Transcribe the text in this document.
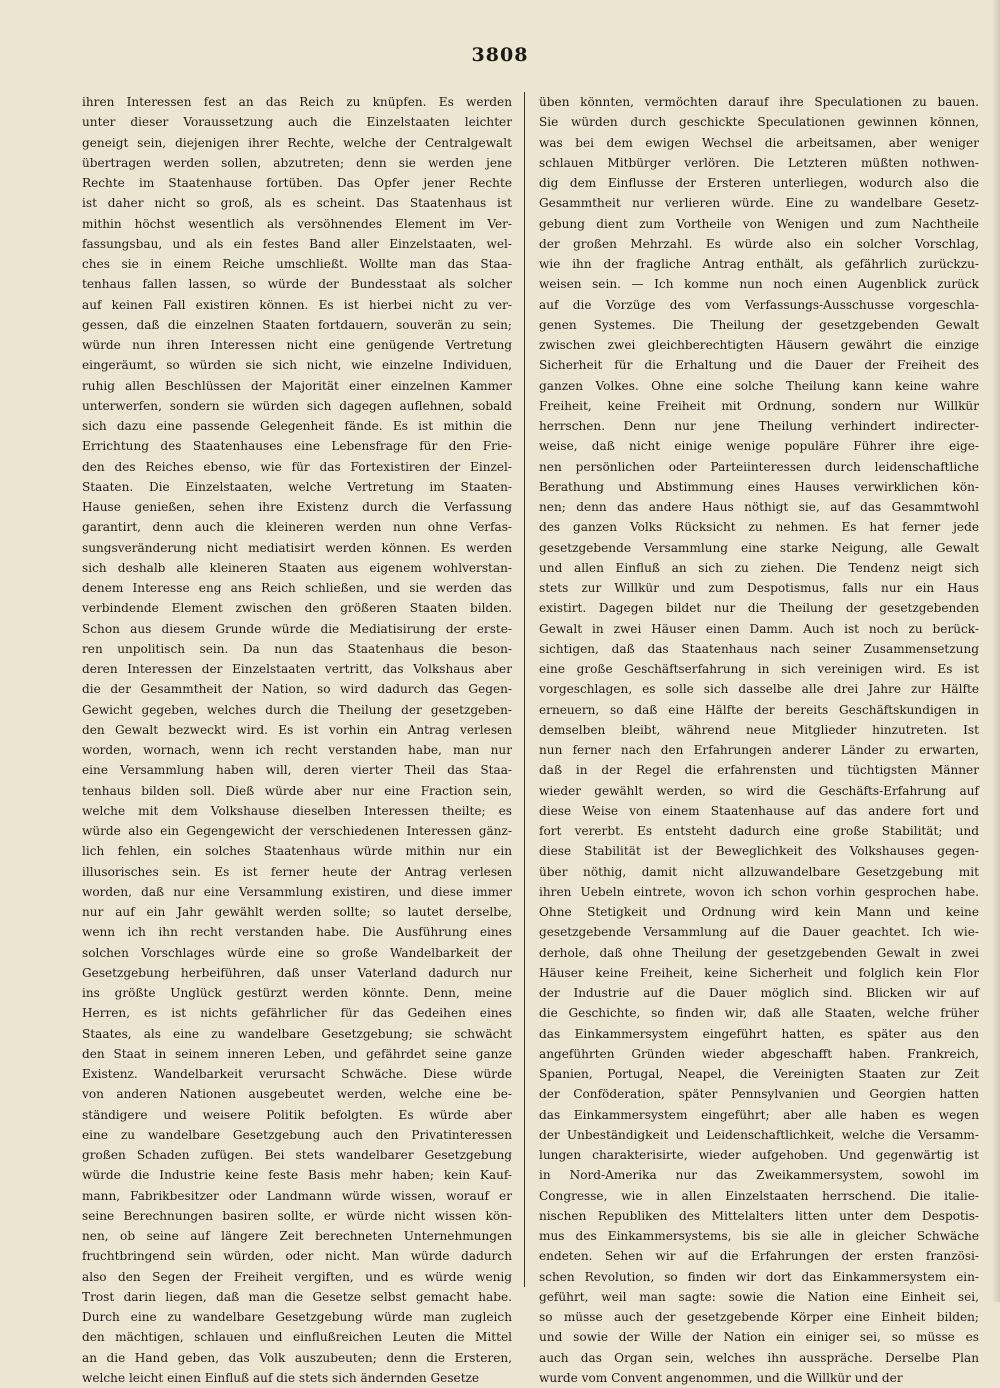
3808
ihren Interessen fest an das Reich zu knüpfen. Es werden
unter dieser Voraussetzung auch die Einzelstaaten leichter
geneigt sein, diejenigen ihrer Rechte, welche der Centralgewalt
übertragen werden sollen, abzutreten; denn sie werden jene
Rechte im Staatenhause fortüben. Das Opfer jener Rechte
ist daher nicht so groß, als es scheint. Das Staatenhaus ist
mithin höchst wesentlich als versöhnendes Element im Ver-
fassungsbau, und als ein festes Band aller Einzelstaaten, wel-
ches sie in einem Reiche umschließt. Wollte man das Staa-
tenhaus fallen lassen, so würde der Bundesstaat als solcher
auf keinen Fall existiren können. Es ist hierbei nicht zu ver-
gessen, daß die einzelnen Staaten fortdauern, souverän zu sein;
würde nun ihren Interessen nicht eine genügende Vertretung
eingeräumt, so würden sie sich nicht, wie einzelne Individuen,
ruhig allen Beschlüssen der Majorität einer einzelnen Kammer
unterwerfen, sondern sie würden sich dagegen auflehnen, sobald
sich dazu eine passende Gelegenheit fände. Es ist mithin die
Errichtung des Staatenhauses eine Lebensfrage für den Frie-
den des Reiches ebenso, wie für das Fortexistiren der Einzel-
Staaten. Die Einzelstaaten, welche Vertretung im Staaten-
Hause genießen, sehen ihre Existenz durch die Verfassung
garantirt, denn auch die kleineren werden nun ohne Verfas-
sungsveränderung nicht mediatisirt werden können. Es werden
sich deshalb alle kleineren Staaten aus eigenem wohlverstan-
denem Interesse eng ans Reich schließen, und sie werden das
verbindende Element zwischen den größeren Staaten bilden.
Schon aus diesem Grunde würde die Mediatisirung der erste-
ren unpolitisch sein. Da nun das Staatenhaus die beson-
deren Interessen der Einzelstaaten vertritt, das Volkshaus aber
die der Gesammtheit der Nation, so wird dadurch das Gegen-
Gewicht gegeben, welches durch die Theilung der gesetzgeben-
den Gewalt bezweckt wird. Es ist vorhin ein Antrag verlesen
worden, wornach, wenn ich recht verstanden habe, man nur
eine Versammlung haben will, deren vierter Theil das Staa-
tenhaus bilden soll. Dieß würde aber nur eine Fraction sein,
welche mit dem Volkshause dieselben Interessen theilte; es
würde also ein Gegengewicht der verschiedenen Interessen gänz-
lich fehlen, ein solches Staatenhaus würde mithin nur ein
illusorisches sein. Es ist ferner heute der Antrag verlesen
worden, daß nur eine Versammlung existiren, und diese immer
nur auf ein Jahr gewählt werden sollte; so lautet derselbe,
wenn ich ihn recht verstanden habe. Die Ausführung eines
solchen Vorschlages würde eine so große Wandelbarkeit der
Gesetzgebung herbeiführen, daß unser Vaterland dadurch nur
ins größte Unglück gestürzt werden könnte. Denn, meine
Herren, es ist nichts gefährlicher für das Gedeihen eines
Staates, als eine zu wandelbare Gesetzgebung; sie schwächt
den Staat in seinem inneren Leben, und gefährdet seine ganze
Existenz. Wandelbarkeit verursacht Schwäche. Diese würde
von anderen Nationen ausgebeutet werden, welche eine be-
ständigere und weisere Politik befolgten. Es würde aber
eine zu wandelbare Gesetzgebung auch den Privatinteressen
großen Schaden zufügen. Bei stets wandelbarer Gesetzgebung
würde die Industrie keine feste Basis mehr haben; kein Kauf-
mann, Fabrikbesitzer oder Landmann würde wissen, worauf er
seine Berechnungen basiren sollte, er würde nicht wissen kön-
nen, ob seine auf längere Zeit berechneten Unternehmungen
fruchtbringend sein würden, oder nicht. Man würde dadurch
also den Segen der Freiheit vergiften, und es würde wenig
Trost darin liegen, daß man die Gesetze selbst gemacht habe.
Durch eine zu wandelbare Gesetzgebung würde man zugleich
den mächtigen, schlauen und einflußreichen Leuten die Mittel
an die Hand geben, das Volk auszubeuten; denn die Ersteren,
welche leicht einen Einfluß auf die stets sich ändernden Gesetze
üben könnten, vermöchten darauf ihre Speculationen zu bauen.
Sie würden durch geschickte Speculationen gewinnen können,
was bei dem ewigen Wechsel die arbeitsamen, aber weniger
schlauen Mitbürger verlören. Die Letzteren müßten nothwen-
dig dem Einflusse der Ersteren unterliegen, wodurch also die
Gesammtheit nur verlieren würde. Eine zu wandelbare Gesetz-
gebung dient zum Vortheile von Wenigen und zum Nachtheile
der großen Mehrzahl. Es würde also ein solcher Vorschlag,
wie ihn der fragliche Antrag enthält, als gefährlich zurückzu-
weisen sein. — Ich komme nun noch einen Augenblick zurück
auf die Vorzüge des vom Verfassungs-Ausschusse vorgeschla-
genen Systemes. Die Theilung der gesetzgebenden Gewalt
zwischen zwei gleichberechtigten Häusern gewährt die einzige
Sicherheit für die Erhaltung und die Dauer der Freiheit des
ganzen Volkes. Ohne eine solche Theilung kann keine wahre
Freiheit, keine Freiheit mit Ordnung, sondern nur Willkür
herrschen. Denn nur jene Theilung verhindert indirecter-
weise, daß nicht einige wenige populäre Führer ihre eige-
nen persönlichen oder Parteiinteressen durch leidenschaftliche
Berathung und Abstimmung eines Hauses verwirklichen kön-
nen; denn das andere Haus nöthigt sie, auf das Gesammtwohl
des ganzen Volks Rücksicht zu nehmen. Es hat ferner jede
gesetzgebende Versammlung eine starke Neigung, alle Gewalt
und allen Einfluß an sich zu ziehen. Die Tendenz neigt sich
stets zur Willkür und zum Despotismus, falls nur ein Haus
existirt. Dagegen bildet nur die Theilung der gesetzgebenden
Gewalt in zwei Häuser einen Damm. Auch ist noch zu berück-
sichtigen, daß das Staatenhaus nach seiner Zusammensetzung
eine große Geschäftserfahrung in sich vereinigen wird. Es ist
vorgeschlagen, es solle sich dasselbe alle drei Jahre zur Hälfte
erneuern, so daß eine Hälfte der bereits Geschäftskundigen in
demselben bleibt, während neue Mitglieder hinzutreten. Ist
nun ferner nach den Erfahrungen anderer Länder zu erwarten,
daß in der Regel die erfahrensten und tüchtigsten Männer
wieder gewählt werden, so wird die Geschäfts-Erfahrung auf
diese Weise von einem Staatenhause auf das andere fort und
fort vererbt. Es entsteht dadurch eine große Stabilität; und
diese Stabilität ist der Beweglichkeit des Volkshauses gegen-
über nöthig, damit nicht allzuwandelbare Gesetzgebung mit
ihren Uebeln eintrete, wovon ich schon vorhin gesprochen habe.
Ohne Stetigkeit und Ordnung wird kein Mann und keine
gesetzgebende Versammlung auf die Dauer geachtet. Ich wie-
derhole, daß ohne Theilung der gesetzgebenden Gewalt in zwei
Häuser keine Freiheit, keine Sicherheit und folglich kein Flor
der Industrie auf die Dauer möglich sind. Blicken wir auf
die Geschichte, so finden wir, daß alle Staaten, welche früher
das Einkammersystem eingeführt hatten, es später aus den
angeführten Gründen wieder abgeschafft haben. Frankreich,
Spanien, Portugal, Neapel, die Vereinigten Staaten zur Zeit
der Conföderation, später Pennsylvanien und Georgien hatten
das Einkammersystem eingeführt; aber alle haben es wegen
der Unbeständigkeit und Leidenschaftlichkeit, welche die Versamm-
lungen charakterisirte, wieder aufgehoben. Und gegenwärtig ist
in Nord-Amerika nur das Zweikammersystem, sowohl im
Congresse, wie in allen Einzelstaaten herrschend. Die italie-
nischen Republiken des Mittelalters litten unter dem Despotis-
mus des Einkammersystems, bis sie alle in gleicher Schwäche
endeten. Sehen wir auf die Erfahrungen der ersten französi-
schen Revolution, so finden wir dort das Einkammersystem ein-
geführt, weil man sagte: sowie die Nation eine Einheit sei,
so müsse auch der gesetzgebende Körper eine Einheit bilden;
und sowie der Wille der Nation ein einiger sei, so müsse es
auch das Organ sein, welches ihn ausspräche. Derselbe Plan
wurde vom Convent angenommen, und die Willkür und der
